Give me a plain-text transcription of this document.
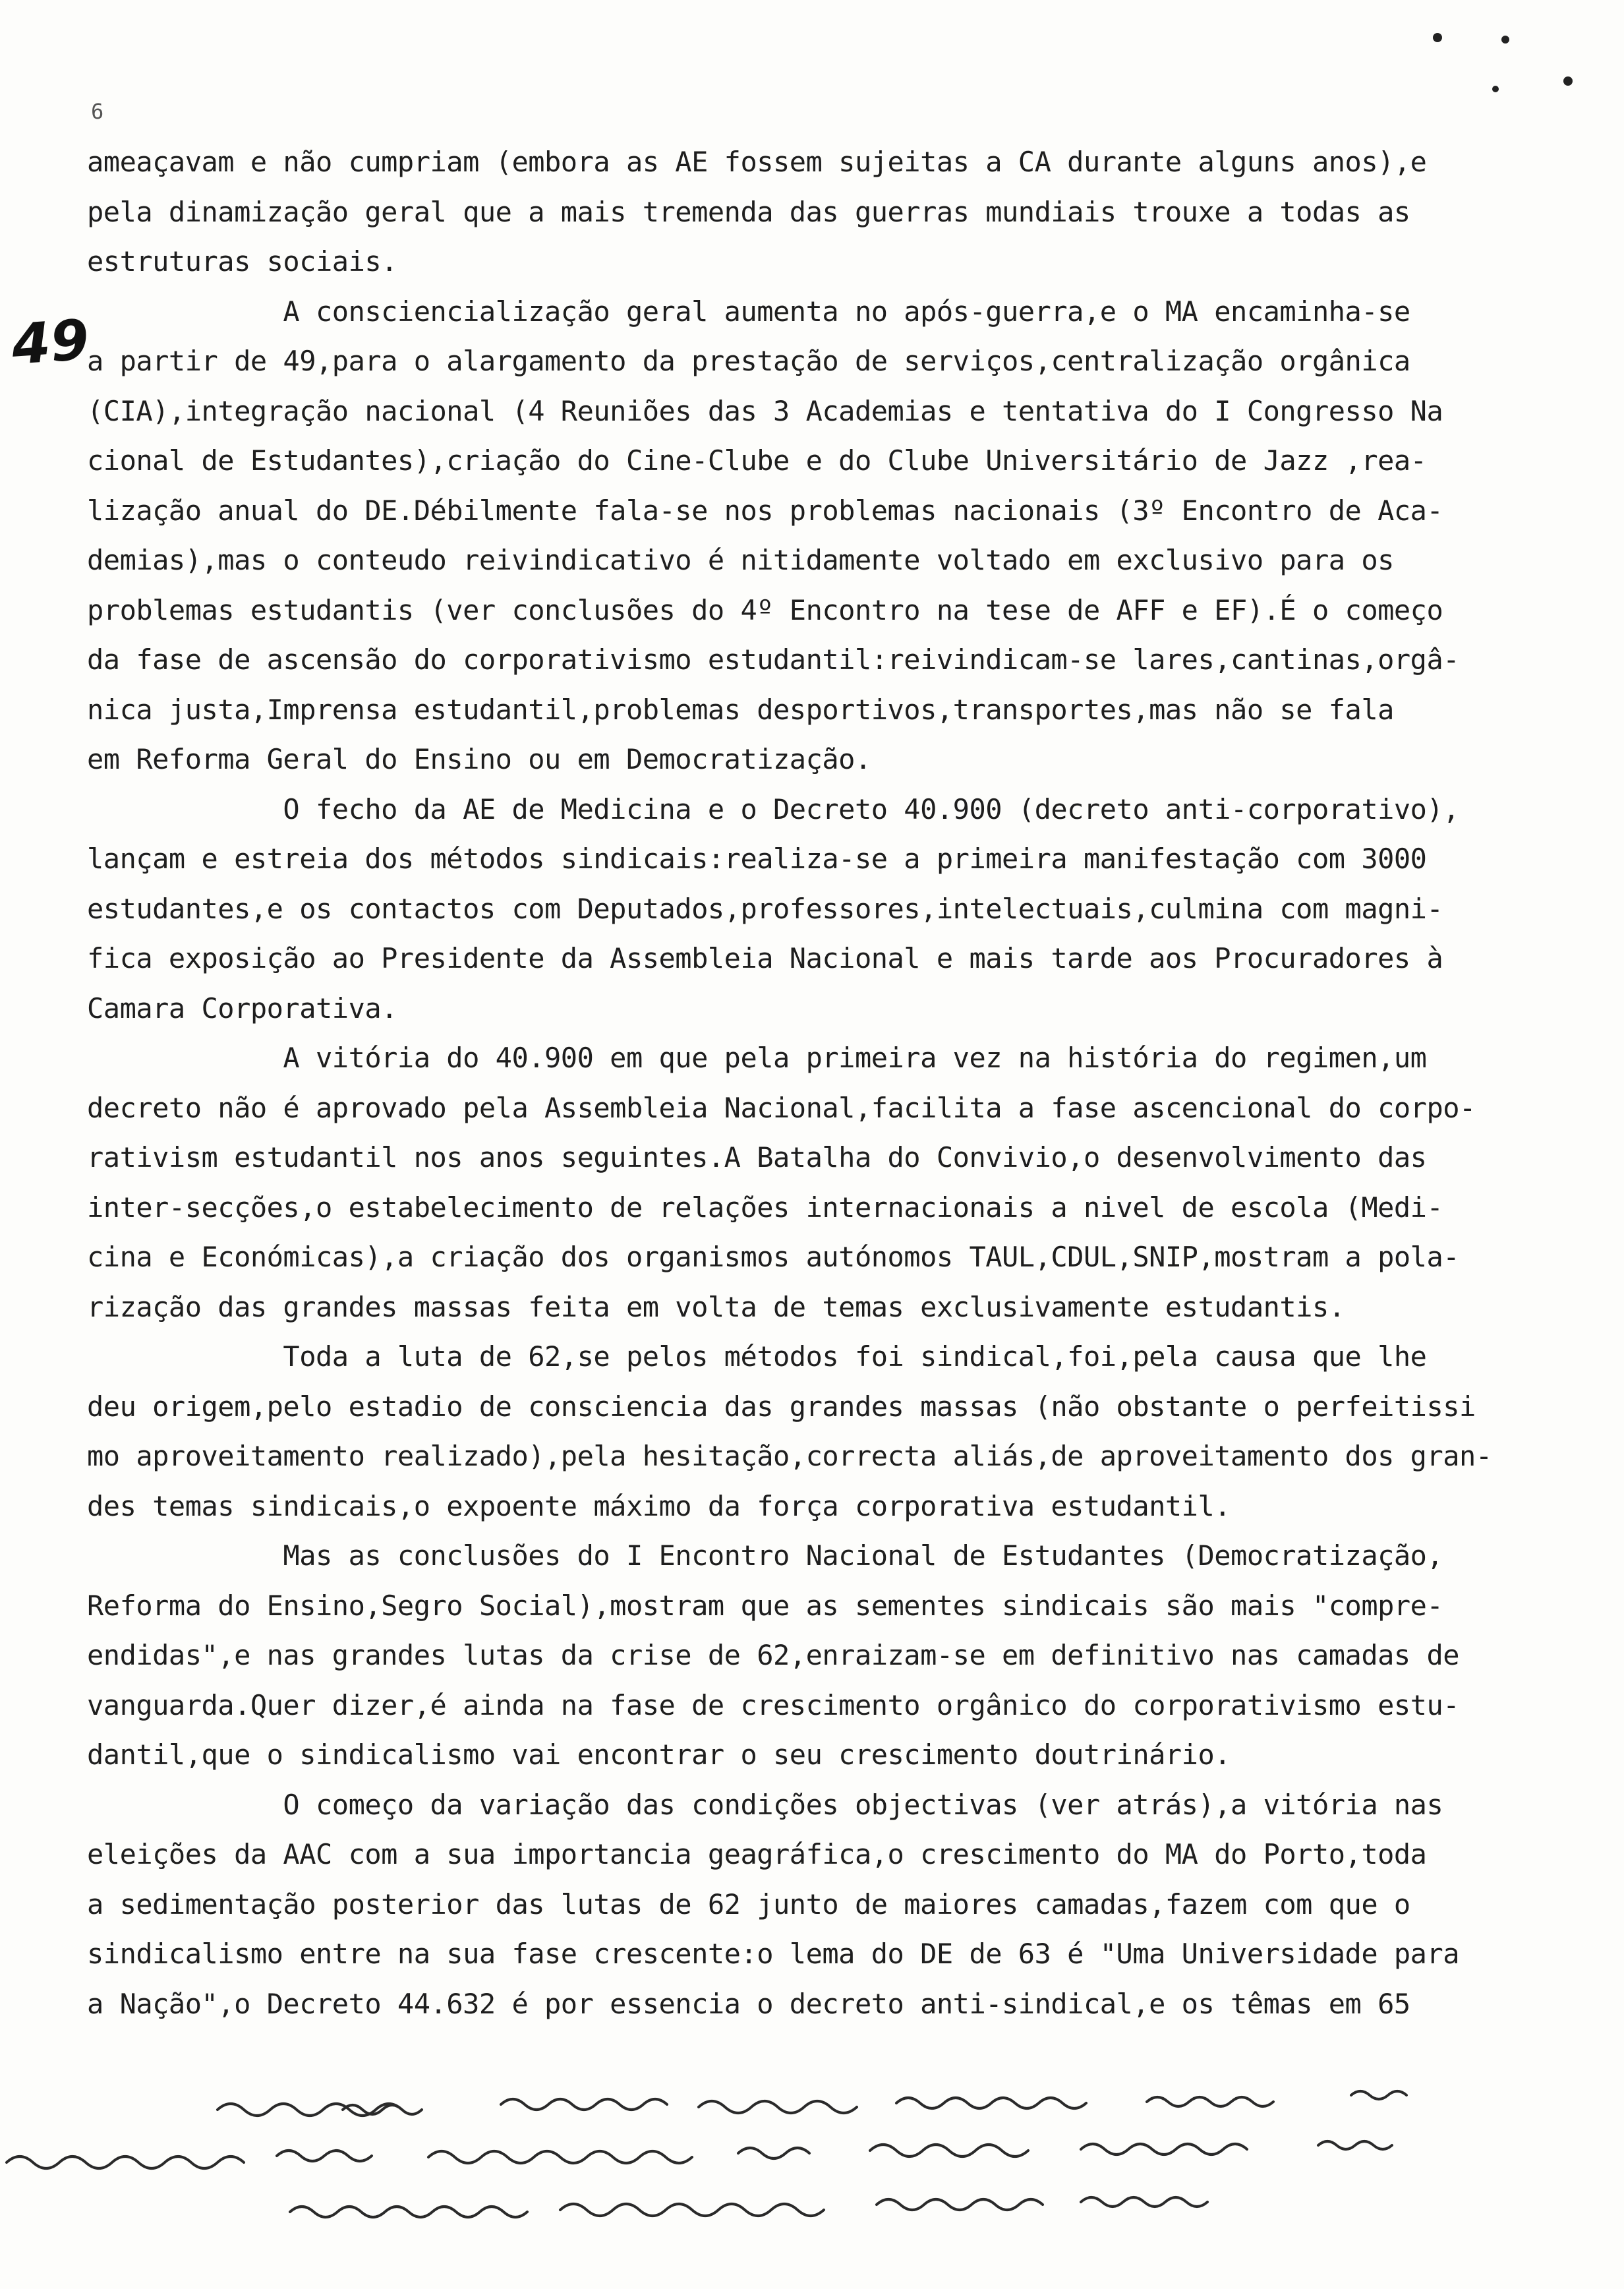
6
49
ameaçavam e não cumpriam (embora as AE fossem sujeitas a CA durante alguns anos),e
pela dinamização geral que a mais tremenda das guerras mundiais trouxe a todas as
estruturas sociais.
A consciencialização geral aumenta no após-guerra,e o MA encaminha-se
a partir de 49,para o alargamento da prestação de serviços,centralização orgânica
(CIA),integração nacional (4 Reuniões das 3 Academias e tentativa do I Congresso Na
cional de Estudantes),criação do Cine-Clube e do Clube Universitário de Jazz ,rea-
lização anual do DE.Débilmente fala-se nos problemas nacionais (3º Encontro de Aca-
demias),mas o conteudo reivindicativo é nitidamente voltado em exclusivo para os
problemas estudantis (ver conclusões do 4º Encontro na tese de AFF e EF).É o começo
da fase de ascensão do corporativismo estudantil:reivindicam-se lares,cantinas,orgâ-
nica justa,Imprensa estudantil,problemas desportivos,transportes,mas não se fala
em Reforma Geral do Ensino ou em Democratização.
O fecho da AE de Medicina e o Decreto 40.900 (decreto anti-corporativo),
lançam e estreia dos métodos sindicais:realiza-se a primeira manifestação com 3000
estudantes,e os contactos com Deputados,professores,intelectuais,culmina com magni-
fica exposição ao Presidente da Assembleia Nacional e mais tarde aos Procuradores à
Camara Corporativa.
A vitória do 40.900 em que pela primeira vez na história do regimen,um
decreto não é aprovado pela Assembleia Nacional,facilita a fase ascencional do corpo-
rativism estudantil nos anos seguintes.A Batalha do Convivio,o desenvolvimento das
inter-secções,o estabelecimento de relações internacionais a nivel de escola (Medi-
cina e Económicas),a criação dos organismos autónomos TAUL,CDUL,SNIP,mostram a pola-
rização das grandes massas feita em volta de temas exclusivamente estudantis.
Toda a luta de 62,se pelos métodos foi sindical,foi,pela causa que lhe
deu origem,pelo estadio de consciencia das grandes massas (não obstante o perfeitissi
mo aproveitamento realizado),pela hesitação,correcta aliás,de aproveitamento dos gran-
des temas sindicais,o expoente máximo da força corporativa estudantil.
Mas as conclusões do I Encontro Nacional de Estudantes (Democratização,
Reforma do Ensino,Segro Social),mostram que as sementes sindicais são mais "compre-
endidas",e nas grandes lutas da crise de 62,enraizam-se em definitivo nas camadas de
vanguarda.Quer dizer,é ainda na fase de crescimento orgânico do corporativismo estu-
dantil,que o sindicalismo vai encontrar o seu crescimento doutrinário.
O começo da variação das condições objectivas (ver atrás),a vitória nas
eleições da AAC com a sua importancia geagráfica,o crescimento do MA do Porto,toda
a sedimentação posterior das lutas de 62 junto de maiores camadas,fazem com que o
sindicalismo entre na sua fase crescente:o lema do DE de 63 é "Uma Universidade para
a Nação",o Decreto 44.632 é por essencia o decreto anti-sindical,e os têmas em 65
